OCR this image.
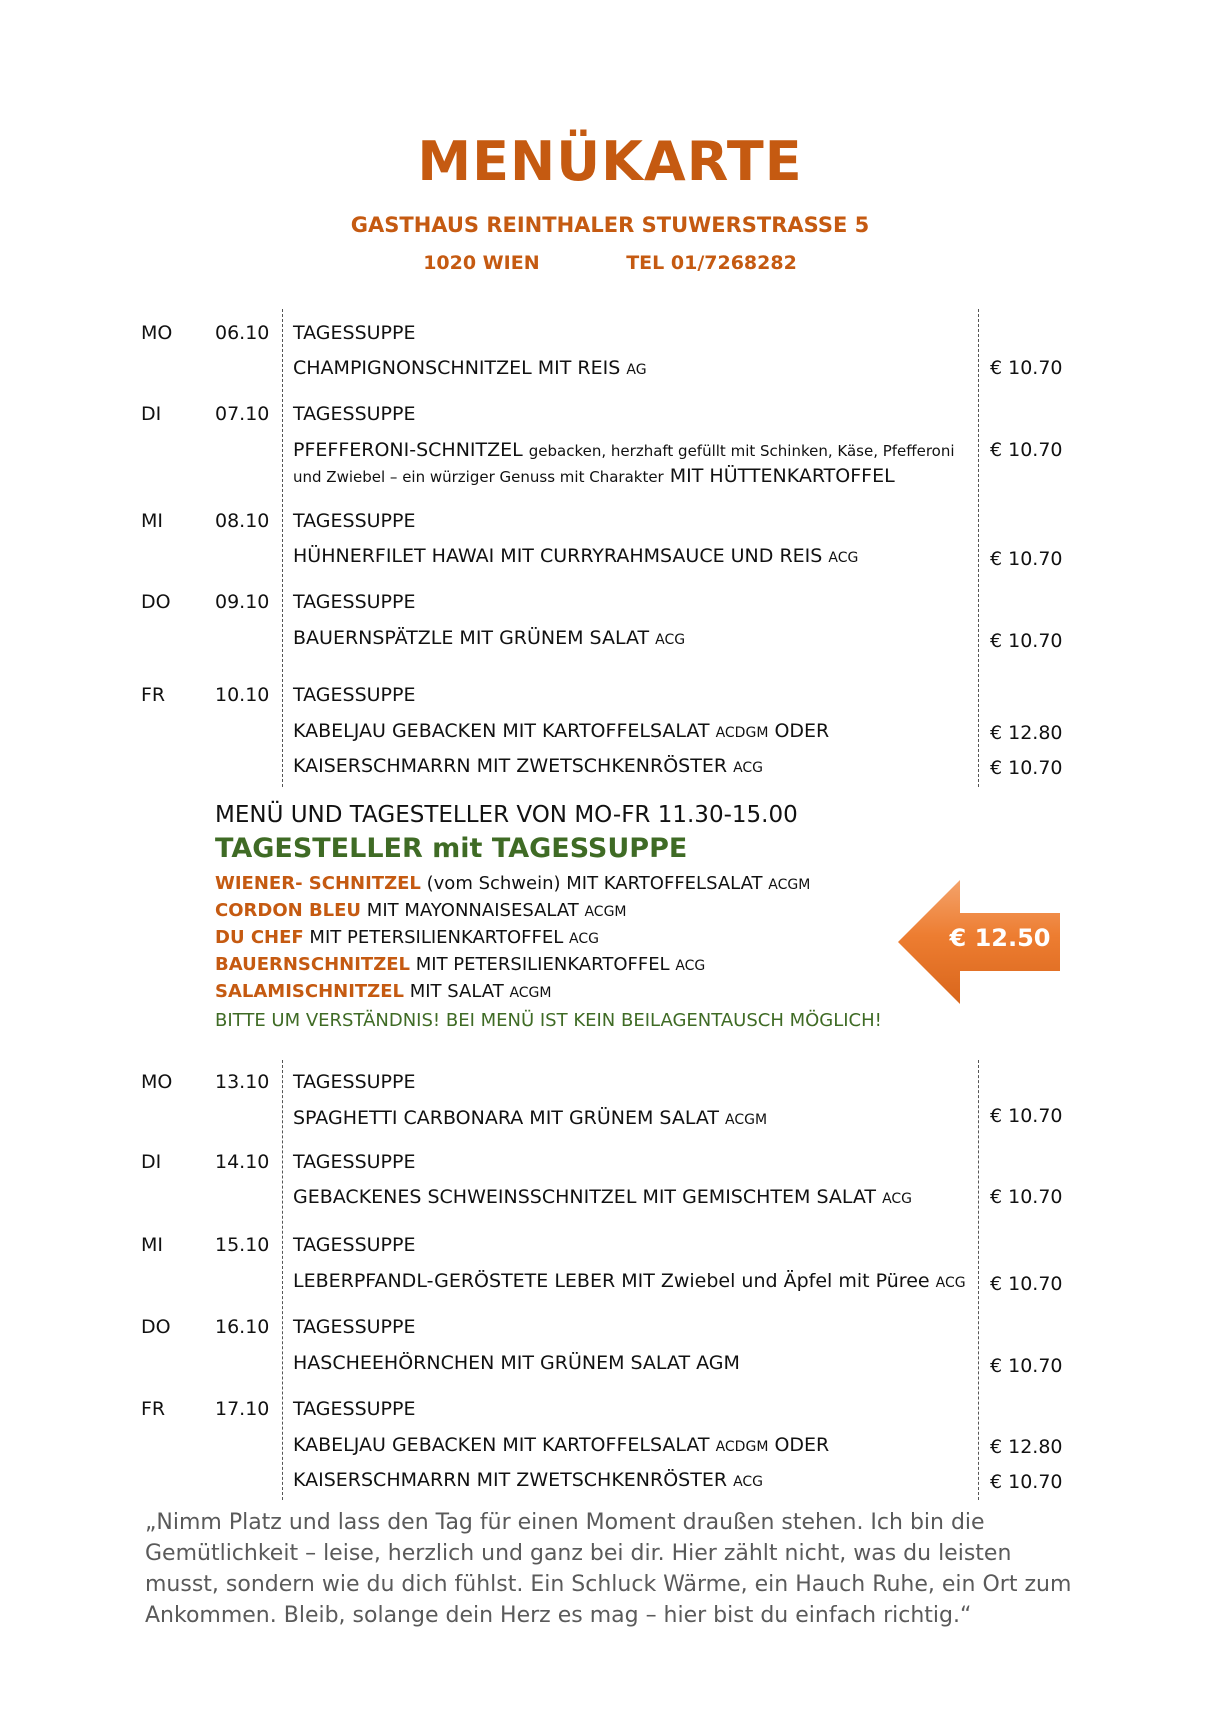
MENÜKARTE
GASTHAUS REINTHALER STUWERSTRASSE 5
1020 WIEN	TEL 01/7268282
MO 06.10 TAGESSUPPE
CHAMPIGNONSCHNITZEL MIT REIS AG	€ 10.70
DI	07.10 TAGESSUPPE
PFEFFERONI-SCHNITZEL gebacken, herzhaft gefüllt mit Schinken, Käse, Pfefferoni und Zwiebel – ein würziger Genuss mit Charakter MIT HÜTTENKARTOFFEL
€ 10.70
MI	08.10 TAGESSUPPE
HÜHNERFILET HAWAI MIT CURRYRAHMSAUCE UND REIS ACG	€ 10.70
DO 09.10 TAGESSUPPE
BAUERNSPÄTZLE MIT GRÜNEM SALAT ACG	€ 10.70
FR	10.10 TAGESSUPPE
KABELJAU GEBACKEN MIT KARTOFFELSALAT ACDGM ODER	€ 12.80
KAISERSCHMARRN MIT ZWETSCHKENRÖSTER ACG	€ 10.70
MENÜ UND TAGESTELLER VON MO-FR 11.30-15.00
TAGESTELLER mit TAGESSUPPE
WIENER- SCHNITZEL (vom Schwein) MIT KARTOFFELSALAT ACGM
CORDON BLEU MIT MAYONNAISESALAT ACGM
DU CHEF MIT PETERSILIENKARTOFFEL ACG
BAUERNSCHNITZEL MIT PETERSILIENKARTOFFEL ACG
SALAMISCHNITZEL MIT SALAT ACGM
BITTE UM VERSTÄNDNIS! BEI MENÜ IST KEIN BEILAGENTAUSCH MÖGLICH!
€ 12.50
MO 13.10 TAGESSUPPE
SPAGHETTI CARBONARA MIT GRÜNEM SALAT ACGM	€ 10.70
DI	14.10 TAGESSUPPE
GEBACKENES SCHWEINSSCHNITZEL MIT GEMISCHTEM SALAT ACG	€ 10.70
MI	15.10 TAGESSUPPE
LEBERPFANDL-GERÖSTETE LEBER MIT Zwiebel und Äpfel mit Püree ACG € 10.70
DO 16.10 TAGESSUPPE
HASCHEEHÖRNCHEN MIT GRÜNEM SALAT AGM	€ 10.70
FR	17.10 TAGESSUPPE
KABELJAU GEBACKEN MIT KARTOFFELSALAT ACDGM ODER	€ 12.80
KAISERSCHMARRN MIT ZWETSCHKENRÖSTER ACG	€ 10.70
„Nimm Platz und lass den Tag für einen Moment draußen stehen. Ich bin die Gemütlichkeit – leise, herzlich und ganz bei dir. Hier zählt nicht, was du leisten musst, sondern wie du dich fühlst. Ein Schluck Wärme, ein Hauch Ruhe, ein Ort zum Ankommen. Bleib, solange dein Herz es mag – hier bist du einfach richtig.“
